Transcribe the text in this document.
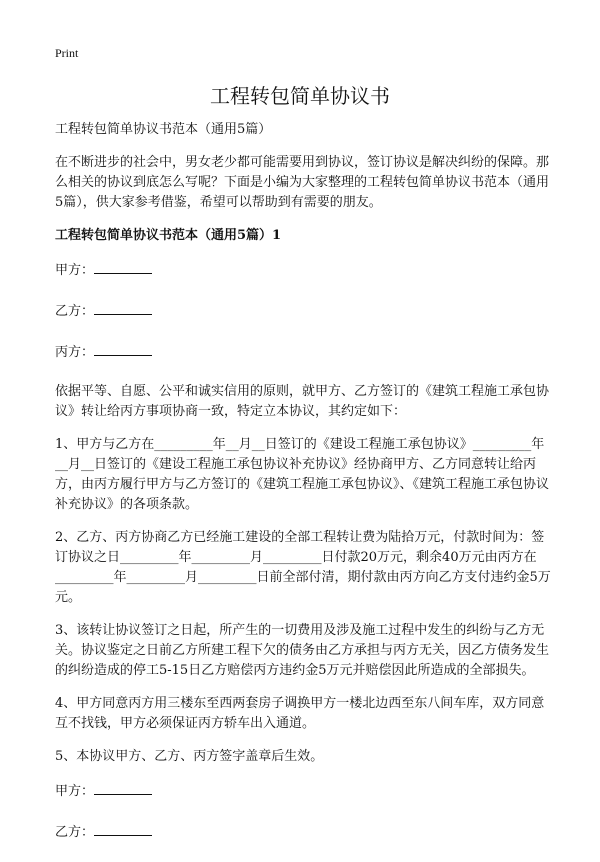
Print
工程转包简单协议书

工程转包简单协议书范本（通用5篇）

在不断进步的社会中，男女老少都可能需要用到协议，签订协议是解决纠纷的保障。那么相关的协议到底怎么写呢？下面是小编为大家整理的工程转包简单协议书范本（通用5篇），供大家参考借鉴，希望可以帮助到有需要的朋友。

工程转包简单协议书范本（通用5篇）1

甲方：

乙方：

丙方：

依据平等、自愿、公平和诚实信用的原则，就甲方、乙方签订的《建筑工程施工承包协议》转让给丙方事项协商一致，特定立本协议，其约定如下：

1、甲方与乙方在_________年__月__日签订的《建设工程施工承包协议》_________年__月__日签订的《建设工程施工承包协议补充协议》经协商甲方、乙方同意转让给丙方，由丙方履行甲方与乙方签订的《建筑工程施工承包协议》、《建筑工程施工承包协议补充协议》的各项条款。

2、乙方、丙方协商乙方已经施工建设的全部工程转让费为陆拾万元，付款时间为：签订协议之日_________年_________月_________日付款20万元，剩余40万元由丙方在_________年_________月_________日前全部付清，期付款由丙方向乙方支付违约金5万元。

3、该转让协议签订之日起，所产生的一切费用及涉及施工过程中发生的纠纷与乙方无关。协议鉴定之日前乙方所建工程下欠的债务由乙方承担与丙方无关，因乙方债务发生的纠纷造成的停工5-15日乙方赔偿丙方违约金5万元并赔偿因此所造成的全部损失。

4、甲方同意丙方用三楼东至西两套房子调换甲方一楼北边西至东八间车库，双方同意互不找钱，甲方必须保证丙方轿车出入通道。

5、本协议甲方、乙方、丙方签字盖章后生效。

甲方：

乙方：
